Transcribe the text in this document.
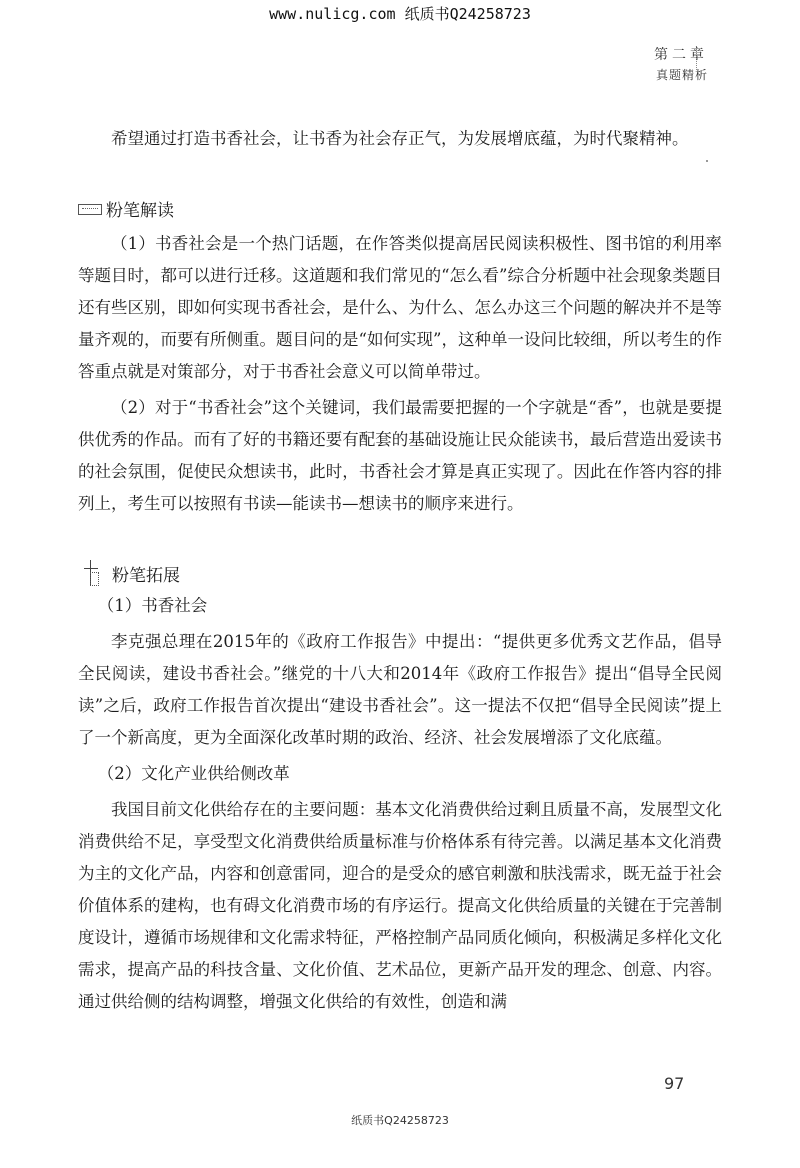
www.nulicg.com 纸质书Q24258723
第二章
真题精析

希望通过打造书香社会，让书香为社会存正气，为发展增底蕴，为时代聚精神。

粉笔解读

（1）书香社会是一个热门话题，在作答类似提高居民阅读积极性、图书馆的利用率等题目时，都可以进行迁移。这道题和我们常见的“怎么看”综合分析题中社会现象类题目还有些区别，即如何实现书香社会，是什么、为什么、怎么办这三个问题的解决并不是等量齐观的，而要有所侧重。题目问的是“如何实现”，这种单一设问比较细，所以考生的作答重点就是对策部分，对于书香社会意义可以简单带过。

（2）对于“书香社会”这个关键词，我们最需要把握的一个字就是“香”，也就是要提供优秀的作品。而有了好的书籍还要有配套的基础设施让民众能读书，最后营造出爱读书的社会氛围，促使民众想读书，此时，书香社会才算是真正实现了。因此在作答内容的排列上，考生可以按照有书读—能读书—想读书的顺序来进行。

粉笔拓展

（1）书香社会

李克强总理在2015年的《政府工作报告》中提出：“提供更多优秀文艺作品，倡导全民阅读，建设书香社会。”继党的十八大和2014年《政府工作报告》提出“倡导全民阅读”之后，政府工作报告首次提出“建设书香社会”。这一提法不仅把“倡导全民阅读”提上了一个新高度，更为全面深化改革时期的政治、经济、社会发展增添了文化底蕴。

（2）文化产业供给侧改革

我国目前文化供给存在的主要问题：基本文化消费供给过剩且质量不高，发展型文化消费供给不足，享受型文化消费供给质量标准与价格体系有待完善。以满足基本文化消费为主的文化产品，内容和创意雷同，迎合的是受众的感官刺激和肤浅需求，既无益于社会价值体系的建构，也有碍文化消费市场的有序运行。提高文化供给质量的关键在于完善制度设计，遵循市场规律和文化需求特征，严格控制产品同质化倾向，积极满足多样化文化需求，提高产品的科技含量、文化价值、艺术品位，更新产品开发的理念、创意、内容。通过供给侧的结构调整，增强文化供给的有效性，创造和满

97
纸质书Q24258723
